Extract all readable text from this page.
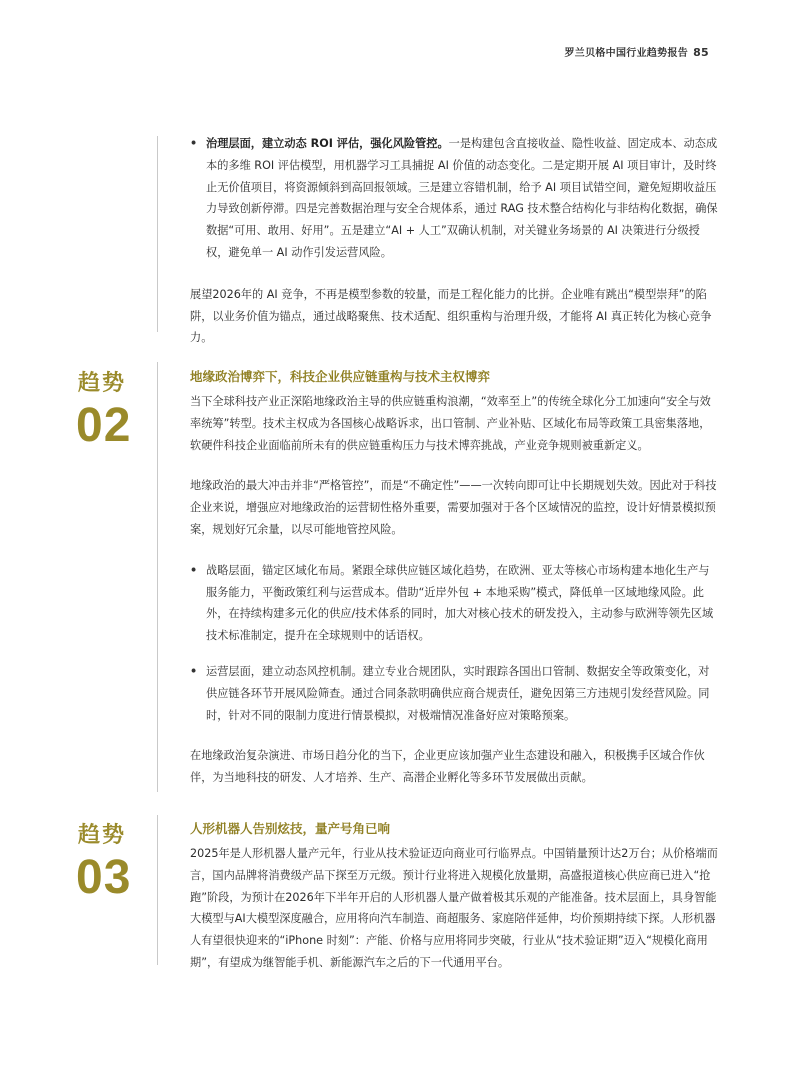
罗兰贝格中国行业趋势报告 85
• 治理层面，建立动态 ROI 评估，强化风险管控。一是构建包含直接收益、隐性收益、固定成本、动态成本的多维 ROI 评估模型，用机器学习工具捕捉 AI 价值的动态变化。二是定期开展 AI 项目审计，及时终止无价值项目，将资源倾斜到高回报领域。三是建立容错机制，给予 AI 项目试错空间，避免短期收益压力导致创新停滞。四是完善数据治理与安全合规体系，通过 RAG 技术整合结构化与非结构化数据，确保数据“可用、敢用、好用”。五是建立“AI + 人工”双确认机制，对关键业务场景的 AI 决策进行分级授权，避免单一 AI 动作引发运营风险。

展望2026年的 AI 竞争，不再是模型参数的较量，而是工程化能力的比拼。企业唯有跳出“模型崇拜”的陷阱，以业务价值为锚点，通过战略聚焦、技术适配、组织重构与治理升级，才能将 AI 真正转化为核心竞争力。

趋势
02
地缘政治博弈下，科技企业供应链重构与技术主权博弈

当下全球科技产业正深陷地缘政治主导的供应链重构浪潮，“效率至上”的传统全球化分工加速向“安全与效率统筹”转型。技术主权成为各国核心战略诉求，出口管制、产业补贴、区域化布局等政策工具密集落地，软硬件科技企业面临前所未有的供应链重构压力与技术博弈挑战，产业竞争规则被重新定义。

地缘政治的最大冲击并非“严格管控”，而是“不确定性”——一次转向即可让中长期规划失效。因此对于科技企业来说，增强应对地缘政治的运营韧性格外重要，需要加强对于各个区域情况的监控，设计好情景模拟预案，规划好冗余量，以尽可能地管控风险。

• 战略层面，锚定区域化布局。紧跟全球供应链区域化趋势，在欧洲、亚太等核心市场构建本地化生产与服务能力，平衡政策红利与运营成本。借助“近岸外包 + 本地采购”模式，降低单一区域地缘风险。此外，在持续构建多元化的供应/技术体系的同时，加大对核心技术的研发投入，主动参与欧洲等领先区域技术标准制定，提升在全球规则中的话语权。
• 运营层面，建立动态风控机制。建立专业合规团队，实时跟踪各国出口管制、数据安全等政策变化，对供应链各环节开展风险筛查。通过合同条款明确供应商合规责任，避免因第三方违规引发经营风险。同时，针对不同的限制力度进行情景模拟，对极端情况准备好应对策略预案。

在地缘政治复杂演进、市场日趋分化的当下，企业更应该加强产业生态建设和融入，积极携手区域合作伙伴，为当地科技的研发、人才培养、生产、高潜企业孵化等多环节发展做出贡献。

趋势
03
人形机器人告别炫技，量产号角已响

2025年是人形机器人量产元年，行业从技术验证迈向商业可行临界点。中国销量预计达2万台；从价格端而言，国内品牌将消费级产品下探至万元级。预计行业将进入规模化放量期，高盛报道核心供应商已进入“抢跑”阶段，为预计在2026年下半年开启的人形机器人量产做着极其乐观的产能准备。技术层面上，具身智能大模型与AI大模型深度融合，应用将向汽车制造、商超服务、家庭陪伴延伸，均价预期持续下探。人形机器人有望很快迎来的“iPhone 时刻”：产能、价格与应用将同步突破，行业从“技术验证期”迈入“规模化商用期”，有望成为继智能手机、新能源汽车之后的下一代通用平台。
